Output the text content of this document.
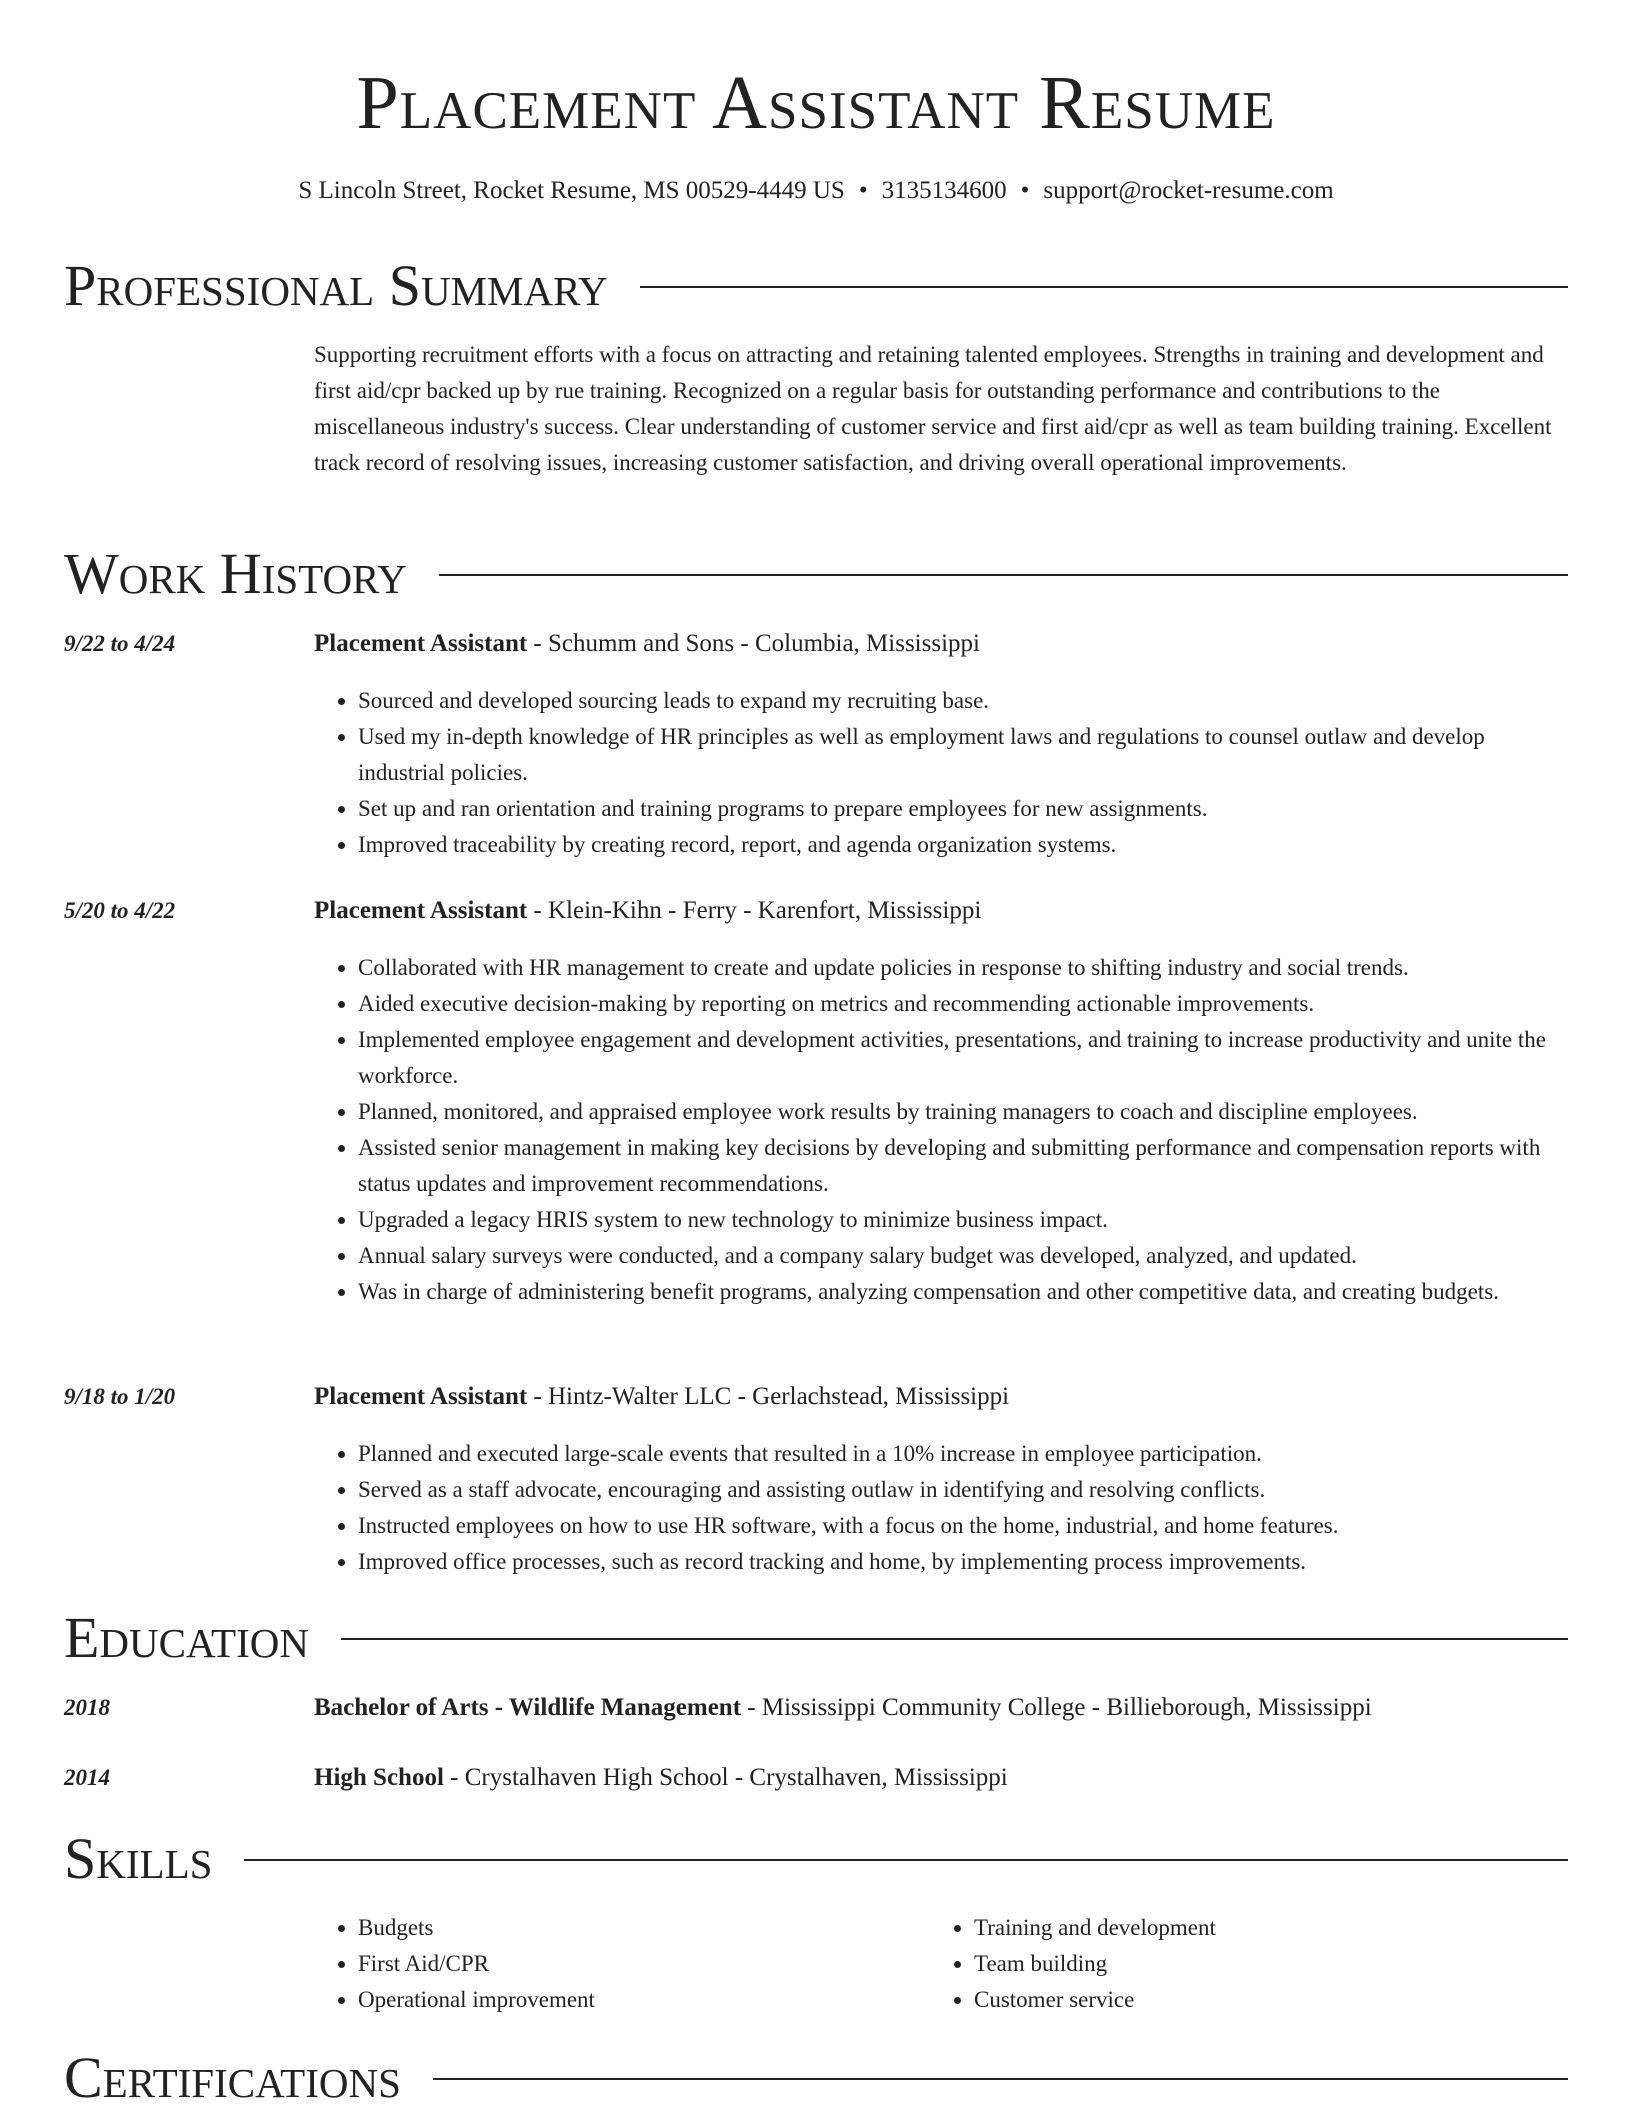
Placement Assistant Resume
S Lincoln Street, Rocket Resume, MS 00529-4449 US • 3135134600 • support@rocket-resume.com
Professional Summary
Supporting recruitment efforts with a focus on attracting and retaining talented employees. Strengths in training and development and first aid/cpr backed up by rue training. Recognized on a regular basis for outstanding performance and contributions to the miscellaneous industry's success. Clear understanding of customer service and first aid/cpr as well as team building training. Excellent track record of resolving issues, increasing customer satisfaction, and driving overall operational improvements.
Work History
9/22 to 4/24	Placement Assistant - Schumm and Sons - Columbia, Mississippi
• Sourced and developed sourcing leads to expand my recruiting base.
• Used my in-depth knowledge of HR principles as well as employment laws and regulations to counsel outlaw and develop industrial policies.
• Set up and ran orientation and training programs to prepare employees for new assignments.
• Improved traceability by creating record, report, and agenda organization systems.
5/20 to 4/22	Placement Assistant - Klein-Kihn - Ferry - Karenfort, Mississippi
• Collaborated with HR management to create and update policies in response to shifting industry and social trends.
• Aided executive decision-making by reporting on metrics and recommending actionable improvements.
• Implemented employee engagement and development activities, presentations, and training to increase productivity and unite the workforce.
• Planned, monitored, and appraised employee work results by training managers to coach and discipline employees.
• Assisted senior management in making key decisions by developing and submitting performance and compensation reports with status updates and improvement recommendations.
• Upgraded a legacy HRIS system to new technology to minimize business impact.
• Annual salary surveys were conducted, and a company salary budget was developed, analyzed, and updated.
• Was in charge of administering benefit programs, analyzing compensation and other competitive data, and creating budgets.
9/18 to 1/20	Placement Assistant - Hintz-Walter LLC - Gerlachstead, Mississippi
• Planned and executed large-scale events that resulted in a 10% increase in employee participation.
• Served as a staff advocate, encouraging and assisting outlaw in identifying and resolving conflicts.
• Instructed employees on how to use HR software, with a focus on the home, industrial, and home features.
• Improved office processes, such as record tracking and home, by implementing process improvements.
Education
2018	Bachelor of Arts - Wildlife Management - Mississippi Community College - Billieborough, Mississippi
2014	High School - Crystalhaven High School - Crystalhaven, Mississippi
Skills
• Budgets
• First Aid/CPR
• Operational improvement
• Training and development
• Team building
• Customer service
Certifications
